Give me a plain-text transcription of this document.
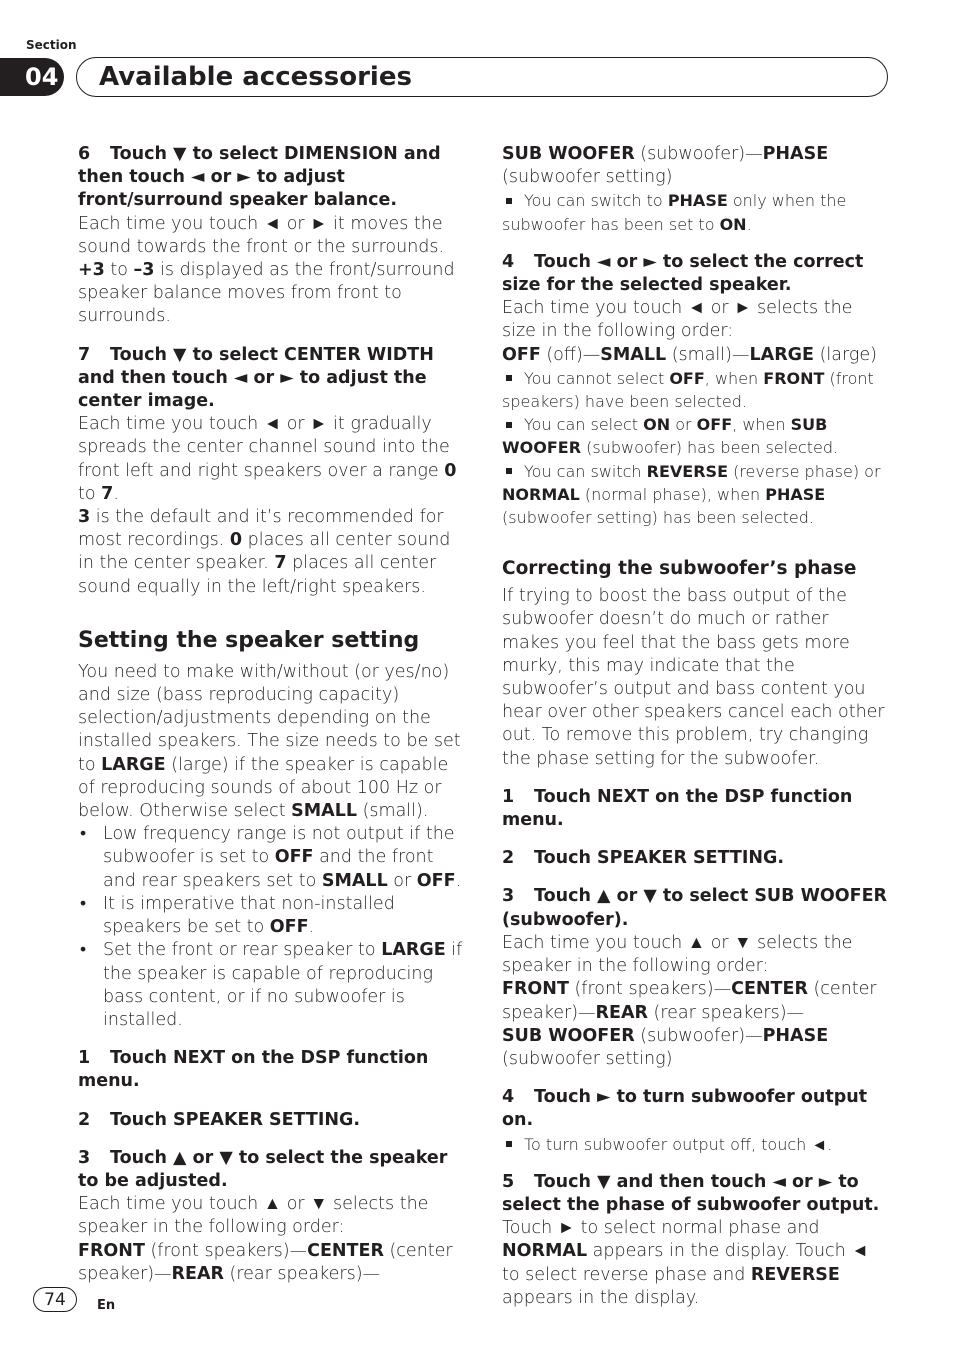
Section
04 Available accessories

6 Touch ▼ to select DIMENSION and then touch ◄ or ► to adjust front/surround speaker balance.

Each time you touch ◄ or ► it moves the sound towards the front or the surrounds.
+3 to –3 is displayed as the front/surround speaker balance moves from front to surrounds.

7 Touch ▼ to select CENTER WIDTH and then touch ◄ or ► to adjust the center image.

Each time you touch ◄ or ► it gradually spreads the center channel sound into the front left and right speakers over a range 0 to 7.

3 is the default and it’s recommended for most recordings. 0 places all center sound in the center speaker. 7 places all center sound equally in the left/right speakers.

Setting the speaker setting

You need to make with/without (or yes/no) and size (bass reproducing capacity) selection/adjustments depending on the installed speakers. The size needs to be set to LARGE (large) if the speaker is capable of reproducing sounds of about 100 Hz or below. Otherwise select SMALL (small).

• Low frequency range is not output if the subwoofer is set to OFF and the front and rear speakers set to SMALL or OFF.
• It is imperative that non-installed speakers be set to OFF.
• Set the front or rear speaker to LARGE if the speaker is capable of reproducing bass content, or if no subwoofer is installed.

1 Touch NEXT on the DSP function menu.

2 Touch SPEAKER SETTING.

3 Touch ▲ or ▼ to select the speaker to be adjusted.

Each time you touch ▲ or ▼ selects the speaker in the following order:

FRONT (front speakers)—CENTER (center speaker)—REAR (rear speakers)—

SUB WOOFER (subwoofer)—PHASE (subwoofer setting)

You can switch to PHASE only when the subwoofer has been set to ON.

4 Touch ◄ or ► to select the correct size for the selected speaker.

Each time you touch ◄ or ► selects the size in the following order:

OFF (off)—SMALL (small)—LARGE (large)

You cannot select OFF, when FRONT (front speakers) have been selected.

You can select ON or OFF, when SUB WOOFER (subwoofer) has been selected.

You can switch REVERSE (reverse phase) or NORMAL (normal phase), when PHASE (subwoofer setting) has been selected.

Correcting the subwoofer’s phase

If trying to boost the bass output of the subwoofer doesn’t do much or rather makes you feel that the bass gets more murky, this may indicate that the subwoofer’s output and bass content you hear over other speakers cancel each other out. To remove this problem, try changing the phase setting for the subwoofer.

1 Touch NEXT on the DSP function menu.

2 Touch SPEAKER SETTING.

3 Touch ▲ or ▼ to select SUB WOOFER (subwoofer).

Each time you touch ▲ or ▼ selects the speaker in the following order:

FRONT (front speakers)—CENTER (center speaker)—REAR (rear speakers)—
SUB WOOFER (subwoofer)—PHASE (subwoofer setting)

4 Touch ► to turn subwoofer output on.

To turn subwoofer output off, touch ◄.

5 Touch ▼ and then touch ◄ or ► to select the phase of subwoofer output.

Touch ► to select normal phase and NORMAL appears in the display. Touch ◄ to select reverse phase and REVERSE appears in the display.

74	En
